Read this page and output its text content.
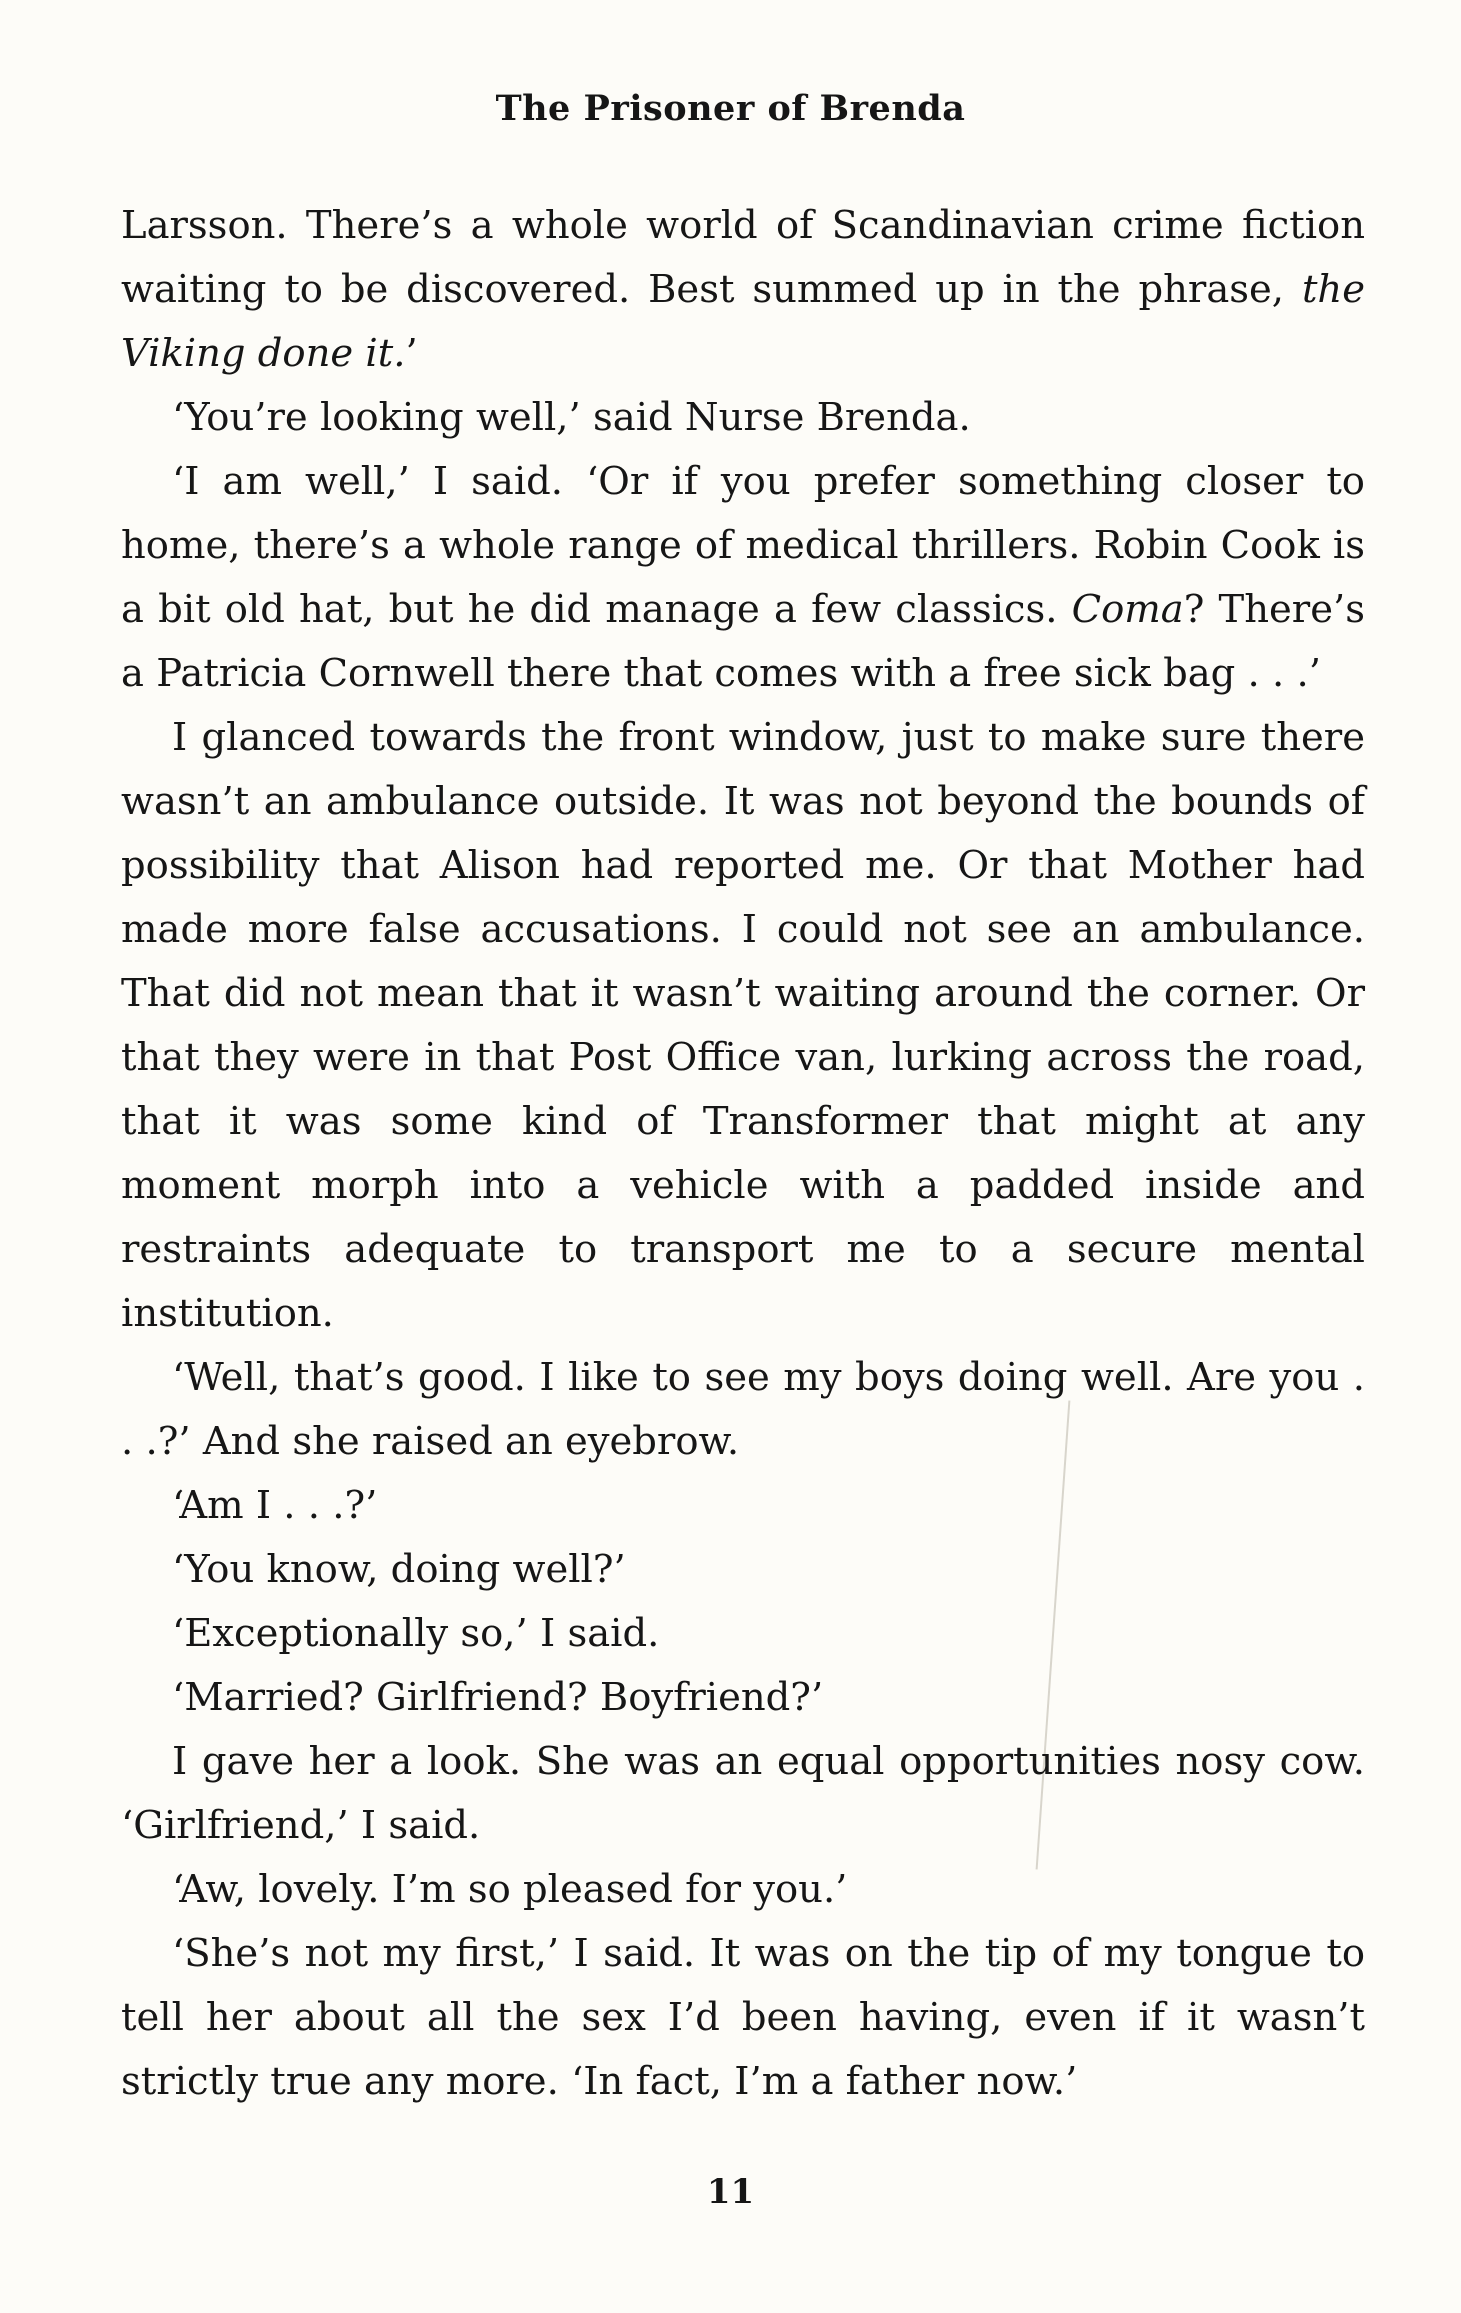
The Prisoner of Brenda

Larsson. There’s a whole world of Scandinavian crime fiction waiting to be discovered. Best summed up in the phrase, the Viking done it.’

‘You’re looking well,’ said Nurse Brenda.

‘I am well,’ I said. ‘Or if you prefer something closer to home, there’s a whole range of medical thrillers. Robin Cook is a bit old hat, but he did manage a few classics. Coma? There’s a Patricia Cornwell there that comes with a free sick bag . . .’

I glanced towards the front window, just to make sure there wasn’t an ambulance outside. It was not beyond the bounds of possibility that Alison had reported me. Or that Mother had made more false accusations. I could not see an ambulance. That did not mean that it wasn’t waiting around the corner. Or that they were in that Post Office van, lurking across the road, that it was some kind of Transformer that might at any moment morph into a vehicle with a padded inside and restraints adequate to transport me to a secure mental institution.

‘Well, that’s good. I like to see my boys doing well. Are you . . .?’ And she raised an eyebrow.

‘Am I . . .?’

‘You know, doing well?’

‘Exceptionally so,’ I said.

‘Married? Girlfriend? Boyfriend?’

I gave her a look. She was an equal opportunities nosy cow. ‘Girlfriend,’ I said.

‘Aw, lovely. I’m so pleased for you.’

‘She’s not my first,’ I said. It was on the tip of my tongue to tell her about all the sex I’d been having, even if it wasn’t strictly true any more. ‘In fact, I’m a father now.’

11
